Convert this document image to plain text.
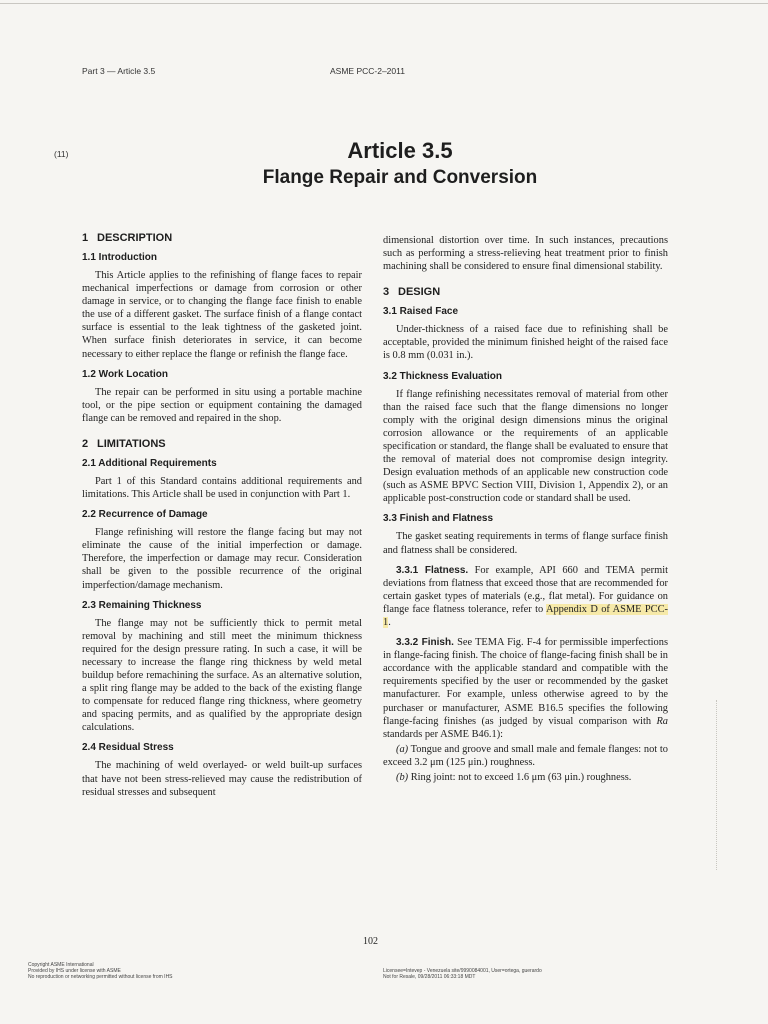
Part 3 — Article 3.5	ASME PCC-2–2011
(11)	Article 3.5
Flange Repair and Conversion
1 DESCRIPTION
1.1 Introduction

This Article applies to the refinishing of flange faces to repair mechanical imperfections or damage from corrosion or other damage in service, or to changing the flange face finish to enable the use of a different gasket. The surface finish of a flange contact surface is essential to the leak tightness of the gasketed joint. When surface finish deteriorates in service, it can become necessary to either replace the flange or refinish the flange face.

1.2 Work Location

The repair can be performed in situ using a portable machine tool, or the pipe section or equipment containing the damaged flange can be removed and repaired in the shop.

2 LIMITATIONS
2.1 Additional Requirements

Part 1 of this Standard contains additional requirements and limitations. This Article shall be used in conjunction with Part 1.

2.2 Recurrence of Damage

Flange refinishing will restore the flange facing but may not eliminate the cause of the initial imperfection or damage. Therefore, the imperfection or damage may recur. Consideration shall be given to the possible recurrence of the original imperfection/damage mechanism.

2.3 Remaining Thickness

The flange may not be sufficiently thick to permit metal removal by machining and still meet the minimum thickness required for the design pressure rating. In such a case, it will be necessary to increase the flange ring thickness by weld metal buildup before remachining the surface. As an alternative solution, a split ring flange may be added to the back of the existing flange to compensate for reduced flange ring thickness, where geometry and spacing permits, and as qualified by the appropriate design calculations.

2.4 Residual Stress

The machining of weld overlayed- or weld built-up surfaces that have not been stress-relieved may cause the redistribution of residual stresses and subsequent

dimensional distortion over time. In such instances, precautions such as performing a stress-relieving heat treatment prior to finish machining shall be considered to ensure final dimensional stability.

3 DESIGN
3.1 Raised Face

Under-thickness of a raised face due to refinishing shall be acceptable, provided the minimum finished height of the raised face is 0.8 mm (0.031 in.).

3.2 Thickness Evaluation

If flange refinishing necessitates removal of material from other than the raised face such that the flange dimensions no longer comply with the original design dimensions minus the original corrosion allowance or the requirements of an applicable specification or standard, the flange shall be evaluated to ensure that the removal of material does not compromise design integrity. Design evaluation methods of an applicable new construction code (such as ASME BPVC Section VIII, Division 1, Appendix 2), or an applicable post-construction code or standard shall be used.

3.3 Finish and Flatness

The gasket seating requirements in terms of flange surface finish and flatness shall be considered.

3.3.1 Flatness. For example, API 660 and TEMA permit deviations from flatness that exceed those that are recommended for certain gasket types of materials (e.g., flat metal). For guidance on flange face flatness tolerance, refer to Appendix D of ASME PCC-1.

3.3.2 Finish. See TEMA Fig. F-4 for permissible imperfections in flange-facing finish. The choice of flange-facing finish shall be in accordance with the applicable standard and compatible with the requirements specified by the user or recommended by the gasket manufacturer. For example, unless otherwise agreed to by the purchaser or manufacturer, ASME B16.5 specifies the following flange-facing finishes (as judged by visual comparison with Ra standards per ASME B46.1):

(a) Tongue and groove and small male and female flanges: not to exceed 3.2 μm (125 μin.) roughness.

(b) Ring joint: not to exceed 1.6 μm (63 μin.) roughness.

102
Copyright ASME International
Provided by IHS under license with ASME
No reproduction or networking permitted without license from IHS
Licensee=Intevep - Venezuela site/9990084001, User=ortega, guerardo
Not for Resale, 09/28/2011 06:33:18 MDT
